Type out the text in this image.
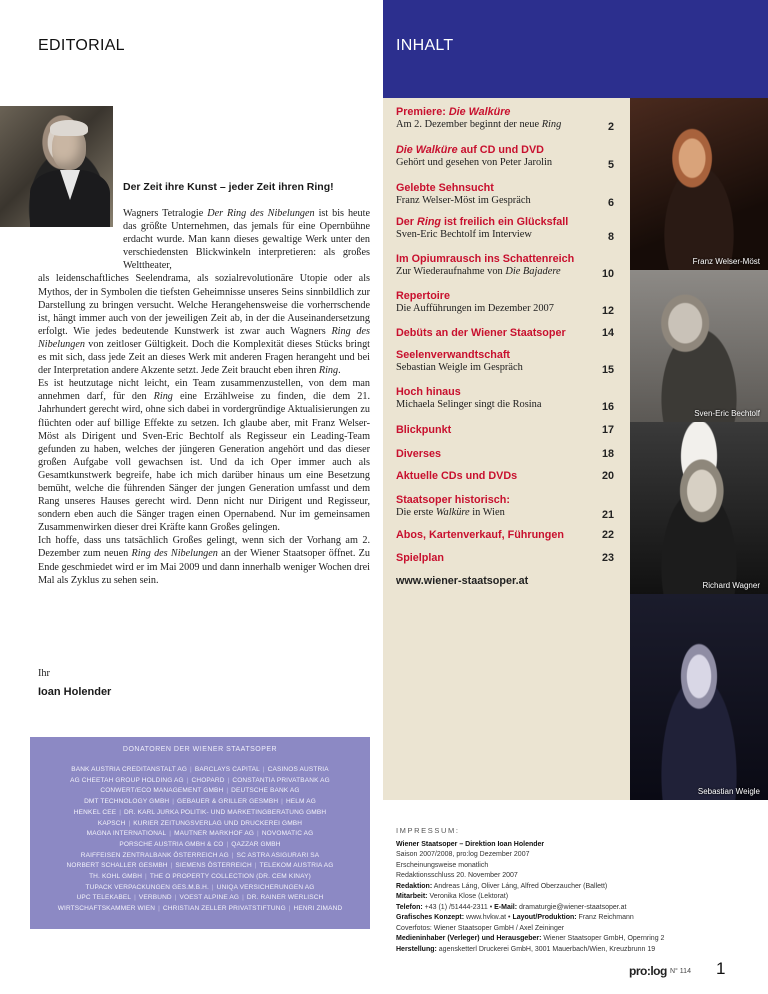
EDITORIAL	INHALT
Der Zeit ihre Kunst – jeder Zeit ihren Ring!

Wagners Tetralogie Der Ring des Nibelungen ist bis heute das größte Unternehmen, das jemals für eine Opernbühne erdacht wurde. Man kann dieses gewaltige Werk unter den verschiedensten Blickwinkeln interpretieren: als großes Welttheater,

als leidenschaftliches Seelendrama, als sozialrevolutionäre Utopie oder als Mythos, der in Symbolen die tiefsten Geheimnisse unseres Seins sinnbildlich zur Darstellung zu bringen versucht. Welche Herangehensweise die vorherrschende ist, hängt immer auch von der jeweiligen Zeit ab, in der die Auseinandersetzung erfolgt. Wie jedes bedeutende Kunstwerk ist zwar auch Wagners Ring des Nibelungen von zeitloser Gültigkeit. Doch die Komplexität dieses Stücks bringt es mit sich, dass jede Zeit an dieses Werk mit anderen Fragen herangeht und bei der Interpretation andere Akzente setzt. Jede Zeit braucht eben ihren Ring.

Es ist heutzutage nicht leicht, ein Team zusammenzustellen, von dem man annehmen darf, für den Ring eine Erzählweise zu finden, die dem 21. Jahrhundert gerecht wird, ohne sich dabei in vordergründige Aktualisierungen zu flüchten oder auf billige Effekte zu setzen. Ich glaube aber, mit Franz Welser-Möst als Dirigent und Sven-Eric Bechtolf als Regisseur ein Leading-Team gefunden zu haben, welches der jüngeren Generation angehört und das dieser großen Aufgabe voll gewachsen ist. Und da ich Oper immer auch als Gesamtkunstwerk begreife, habe ich mich darüber hinaus um eine Besetzung bemüht, welche die führenden Sänger der jungen Generation umfasst und dem Rang unseres Hauses gerecht wird. Denn nicht nur Dirigent und Regisseur, sondern eben auch die Sänger tragen einen Opernabend. Nur im gemeinsamen Zusammenwirken dieser drei Kräfte kann Großes gelingen.

Ich hoffe, dass uns tatsächlich Großes gelingt, wenn sich der Vorhang am 2. Dezember zum neuen Ring des Nibelungen an der Wiener Staatsoper öffnet. Zu Ende geschmiedet wird er im Mai 2009 und dann innerhalb weniger Wochen drei Mal als Zyklus zu sehen sein.

Ihr
Ioan Holender
DONATOREN DER WIENER STAATSOPER
BANK AUSTRIA CREDITANSTALT AG | BARCLAYS CAPITAL | CASINOS AUSTRIA
AG CHEETAH GROUP HOLDING AG | CHOPARD | CONSTANTIA PRIVATBANK AG
CONWERT/ECO MANAGEMENT GMBH | DEUTSCHE BANK AG
DMT TECHNOLOGY GMBH | GEBAUER & GRILLER GESMBH | HELM AG
HENKEL CEE | DR. KARL JURKA POLITIK- UND MARKETINGBERATUNG GMBH
KAPSCH | KURIER ZEITUNGSVERLAG UND DRUCKEREI GMBH
MAGNA INTERNATIONAL | MAUTNER MARKHOF AG | NOVOMATIC AG
PORSCHE AUSTRIA GMBH & CO | QAZZAR GMBH
RAIFFEISEN ZENTRALBANK ÖSTERREICH AG | SC ASTRA ASIGURARI SA
NORBERT SCHALLER GESMBH | SIEMENS ÖSTERREICH | TELEKOM AUSTRIA AG
TH. KOHL GMBH | THE O PROPERTY COLLECTION (DR. CEM KINAY)
TUPACK VERPACKUNGEN GES.M.B.H. | UNIQA VERSICHERUNGEN AG
UPC TELEKABEL | VERBUND | VOEST ALPINE AG | DR. RAINER WERLISCH
WIRTSCHAFTSKAMMER WIEN | CHRISTIAN ZELLER PRIVATSTIFTUNG | HENRI ZIMAND
Premiere: Die Walküre
Am 2. Dezember beginnt der neue Ring	2
Die Walküre auf CD und DVD
Gehört und gesehen von Peter Jarolin	5
Gelebte Sehnsucht
Franz Welser-Möst im Gespräch	6
Der Ring ist freilich ein Glücksfall
Sven-Eric Bechtolf im Interview	8
Im Opiumrausch ins Schattenreich
Zur Wiederaufnahme von Die Bajadere	10
Repertoire
Die Aufführungen im Dezember 2007	12
Debüts an der Wiener Staatsoper	14
Seelenverwandtschaft
Sebastian Weigle im Gespräch	15
Hoch hinaus
Michaela Selinger singt die Rosina	16
Blickpunkt	17
Diverses	18
Aktuelle CDs und DVDs	20
Staatsoper historisch:
Die erste Walküre in Wien	21
Abos, Kartenverkauf, Führungen	22
Spielplan	23
www.wiener-staatsoper.at
Franz Welser-Möst
Sven-Eric Bechtolf
Richard Wagner
Sebastian Weigle
IMPRESSUM:
Wiener Staatsoper – Direktion Ioan Holender
Saison 2007/2008, pro:log Dezember 2007
Erscheinungsweise monatlich
Redaktionsschluss 20. November 2007
Redaktion: Andreas Láng, Oliver Láng, Alfred Oberzaucher (Ballett)
Mitarbeit: Veronika Klose (Lektorat)
Telefon: +43 (1) /51444-2311 • E-Mail: dramaturgie@wiener-staatsoper.at
Grafisches Konzept: www.hvkw.at • Layout/Produktion: Franz Reichmann
Coverfotos: Wiener Staatsoper GmbH / Axel Zeininger
Medieninhaber (Verleger) und Herausgeber: Wiener Staatsoper GmbH, Opernring 2
Herstellung: agensketterl Druckerei GmbH, 3001 Mauerbach/Wien, Kreuzbrunn 19
pro:log N° 114 1
